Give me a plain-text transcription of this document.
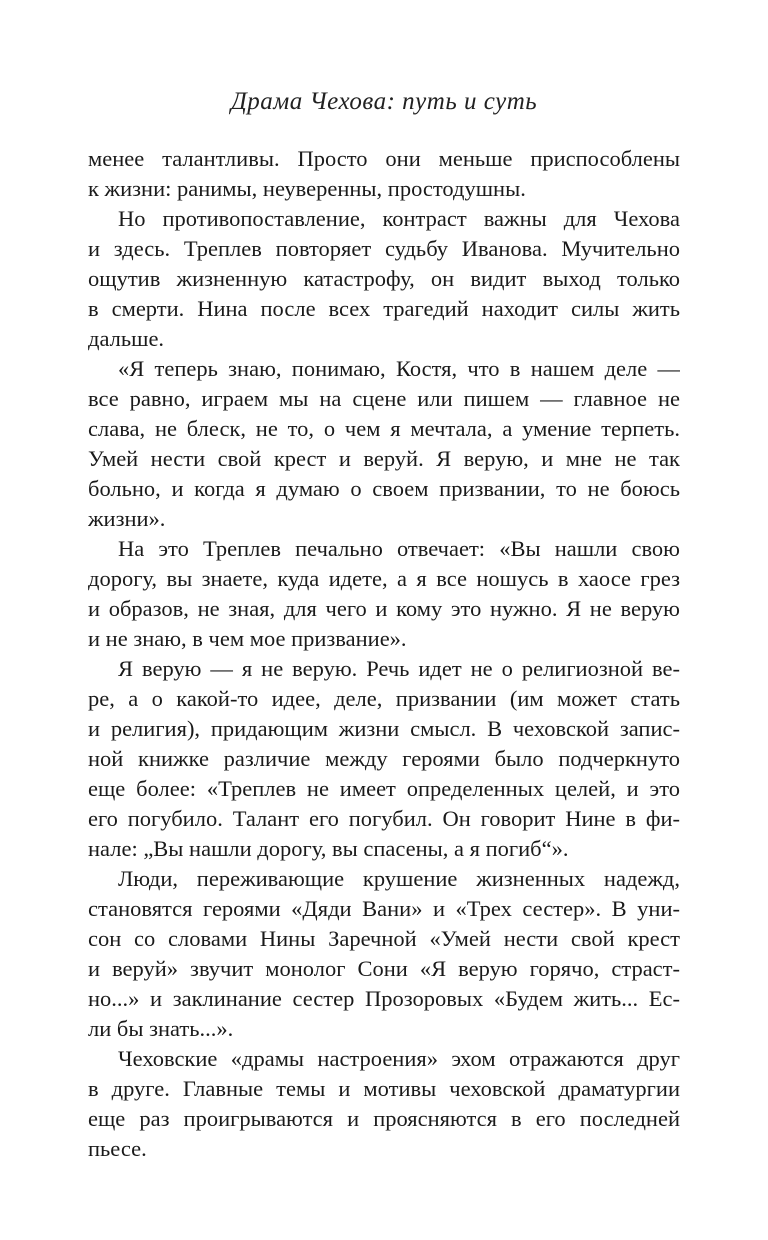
Драма Чехова: путь и суть
менее талантливы. Просто они меньше приспособлены
к жизни: ранимы, неуверенны, простодушны.
Но противопоставление, контраст важны для Чехова
и здесь. Треплев повторяет судьбу Иванова. Мучительно
ощутив жизненную катастрофу, он видит выход только
в смерти. Нина после всех трагедий находит силы жить
дальше.
«Я теперь знаю, понимаю, Костя, что в нашем деле —
все равно, играем мы на сцене или пишем — главное не
слава, не блеск, не то, о чем я мечтала, а умение терпеть.
Умей нести свой крест и веруй. Я верую, и мне не так
больно, и когда я думаю о своем призвании, то не боюсь
жизни».
На это Треплев печально отвечает: «Вы нашли свою
дорогу, вы знаете, куда идете, а я все ношусь в хаосе грез
и образов, не зная, для чего и кому это нужно. Я не верую
и не знаю, в чем мое призвание».
Я верую — я не верую. Речь идет не о религиозной ве-
ре, а о какой-то идее, деле, призвании (им может стать
и религия), придающим жизни смысл. В чеховской запис-
ной книжке различие между героями было подчеркнуто
еще более: «Треплев не имеет определенных целей, и это
его погубило. Талант его погубил. Он говорит Нине в фи-
нале: „Вы нашли дорогу, вы спасены, а я погиб“».
Люди, переживающие крушение жизненных надежд,
становятся героями «Дяди Вани» и «Трех сестер». В уни-
сон со словами Нины Заречной «Умей нести свой крест
и веруй» звучит монолог Сони «Я верую горячо, страст-
но...» и заклинание сестер Прозоровых «Будем жить... Ес-
ли бы знать...».
Чеховские «драмы настроения» эхом отражаются друг
в друге. Главные темы и мотивы чеховской драматургии
еще раз проигрываются и проясняются в его последней
пьесе.
